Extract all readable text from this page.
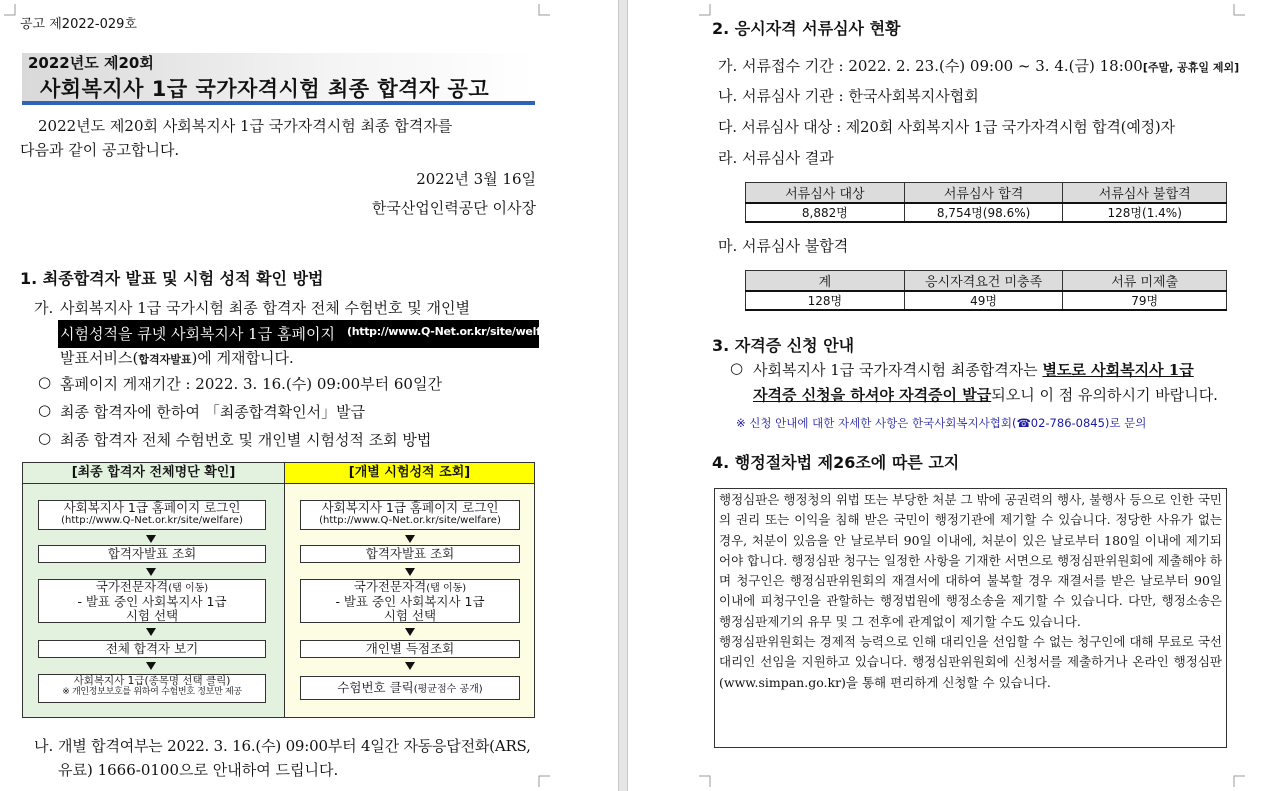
공고 제2022-029호
2022년도 제20회
사회복지사 1급 국가자격시험 최종 합격자 공고
2022년도 제20회 사회복지사 1급 국가자격시험 최종 합격자를
다음과 같이 공고합니다.
2022년 3월 16일
한국산업인력공단 이사장
1. 최종합격자 발표 및 시험 성적 확인 방법
가. 사회복지사 1급 국가시험 최종 합격자 전체 수험번호 및 개인별
시험성적을 큐넷 사회복지사 1급 홈페이지 (http://www.Q-Net.or.kr/site/welfare)
발표서비스(합격자발표)에 게재합니다.
○ 홈페이지 게재기간 : 2022. 3. 16.(수) 09:00부터 60일간
○ 최종 합격자에 한하여 「최종합격확인서」발급
○ 최종 합격자 전체 수험번호 및 개인별 시험성적 조회 방법
[최종 합격자 전체명단 확인]	[개별 시험성적 조회]
사회복지사 1급 홈페이지 로그인
(http://www.Q-Net.or.kr/site/welfare)
합격자발표 조회
국가전문자격(탭 이동)
- 발표 중인 사회복지사 1급
시험 선택
전체 합격자 보기
사회복지사 1급(종목명 선택 클릭)
※ 개인정보보호를 위하여 수험번호 정보만 제공
사회복지사 1급 홈페이지 로그인
(http://www.Q-Net.or.kr/site/welfare)
합격자발표 조회
국가전문자격(탭 이동)
- 발표 중인 사회복지사 1급
시험 선택
개인별 득점조회
수험번호 클릭(평균점수 공개)
나. 개별 합격여부는 2022. 3. 16.(수) 09:00부터 4일간 자동응답전화(ARS,
유료) 1666-0100으로 안내하여 드립니다.
2. 응시자격 서류심사 현황
가. 서류접수 기간 : 2022. 2. 23.(수) 09:00 ~ 3. 4.(금) 18:00[주말, 공휴일 제외]
나. 서류심사 기관 : 한국사회복지사협회
다. 서류심사 대상 : 제20회 사회복지사 1급 국가자격시험 합격(예정)자
라. 서류심사 결과
서류심사 대상	서류심사 합격	서류심사 불합격
8,882명	8,754명(98.6%)	128명(1.4%)
마. 서류심사 불합격
계	응시자격요건 미충족	서류 미제출
128명	49명	79명
3. 자격증 신청 안내
○ 사회복지사 1급 국가자격시험 최종합격자는 별도로 사회복지사 1급
자격증 신청을 하셔야 자격증이 발급되오니 이 점 유의하시기 바랍니다.
※ 신청 안내에 대한 자세한 사항은 한국사회복지사협회(☎02-786-0845)로 문의
4. 행정절차법 제26조에 따른 고지

행정심판은 행정청의 위법 또는 부당한 처분 그 밖에 공권력의 행사, 불행사 등으로 인한 국민의 권리 또는 이익을 침해 받은 국민이 행정기관에 제기할 수 있습니다. 정당한 사유가 없는 경우, 처분이 있음을 안 날로부터 90일 이내에, 처분이 있은 날로부터 180일 이내에 제기되어야 합니다. 행정심판 청구는 일정한 사항을 기재한 서면으로 행정심판위원회에 제출해야 하며 청구인은 행정심판위원회의 재결서에 대하여 불복할 경우 재결서를 받은 날로부터 90일 이내에 피청구인을 관할하는 행정법원에 행정소송을 제기할 수 있습니다. 다만, 행정소송은 행정심판제기의 유무 및 그 전후에 관계없이 제기할 수도 있습니다.

행정심판위원회는 경제적 능력으로 인해 대리인을 선임할 수 없는 청구인에 대해 무료로 국선대리인 선임을 지원하고 있습니다. 행정심판위원회에 신청서를 제출하거나 온라인 행정심판(www.simpan.go.kr)을 통해 편리하게 신청할 수 있습니다.
